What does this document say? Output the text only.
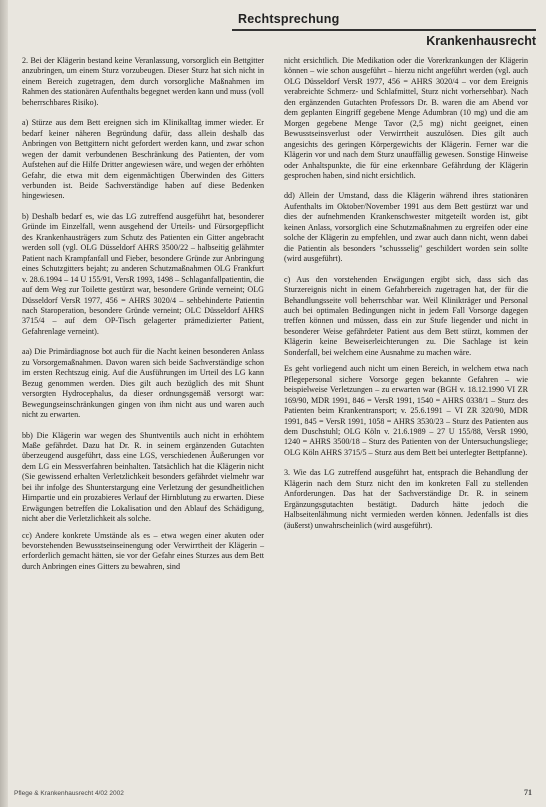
Rechtsprechung
Krankenhausrecht

2. Bei der Klägerin bestand keine Veranlassung, vorsorglich ein Bettgitter anzubringen, um einem Sturz vorzubeugen. Dieser Sturz hat sich nicht in einem Bereich zugetragen, dem durch vorsorgliche Maßnahmen im Rahmen des stationären Aufenthalts begegnet werden kann und muss (voll beherrschbares Risiko).

a) Stürze aus dem Bett ereignen sich im Klinikalltag immer wieder. Er bedarf keiner näheren Begründung dafür, dass allein deshalb das Anbringen von Bettgittern nicht gefordert werden kann, und zwar schon wegen der damit verbundenen Beschränkung des Patienten, der vom Aufstehen auf die Hilfe Dritter angewiesen wäre, und wegen der erhöhten Gefahr, die etwa mit dem eigenmächtigen Überwinden des Gitters verbunden ist. Beide Sachverständige haben auf diese Bedenken hingewiesen.

b) Deshalb bedarf es, wie das LG zutreffend ausgeführt hat, besonderer Gründe im Einzelfall, wenn ausgehend der Urteils- und Fürsorgepflicht des Krankenhausträgers zum Schutz des Patienten ein Gitter angebracht werden soll (vgl. OLG Düsseldorf AHRS 3500/22 – halbseitig gelähmter Patient nach Krampfanfall und Fieber, besondere Gründe zur Anbringung eines Schutzgitters bejaht; zu anderen Schutzmaßnahmen OLG Frankfurt v. 28.6.1994 – 14 U 155/91, VersR 1993, 1498 – Schlaganfallpatientin, die auf dem Weg zur Toilette gestürzt war, besondere Gründe verneint; OLG Düsseldorf VersR 1977, 456 = AHRS 3020/4 – sehbehinderte Patientin nach Staroperation, besondere Gründe verneint; OLC Düsseldorf AHRS 3715/4 – auf dem OP-Tisch gelagerter prämedizierter Patient, Gefahrenlage verneint).

aa) Die Primärdiagnose bot auch für die Nacht keinen besonderen Anlass zu Vorsorgemaßnahmen. Davon waren sich beide Sachverständige schon im ersten Rechtszug einig. Auf die Ausführungen im Urteil des LG kann Bezug genommen werden. Dies gilt auch bezüglich des mit Shunt versorgten Hydrocephalus, da dieser ordnungsgemäß versorgt war: Bewegungseinschränkungen gingen von ihm nicht aus und waren auch nicht zu erwarten.

bb) Die Klägerin war wegen des Shuntventils auch nicht in erhöhtem Maße gefährdet. Dazu hat Dr. R. in seinem ergänzenden Gutachten überzeugend ausgeführt, dass eine LGS, verschiedenen Äußerungen vor dem LG ein Messverfahren beinhalten. Tatsächlich hat die Klägerin nicht (Sie gewissend erhalten Verletzlichkeit besonders gefährdet vielmehr war bei ihr infolge des Shunterstargung eine Verletzung der gesundheitlichen Hirnpartie und ein prozabieres Verlauf der Hirnblutung zu erwarten. Diese Erwägungen betreffen die Lokalisation und den Ablauf des Schädigung, nicht aber die Verletzlichkeit als solche.

cc) Andere konkrete Umstände als es – etwa wegen einer akuten oder bevorstehenden Bewusstseinseinengung oder Verwirrtheit der Klägerin – erforderlich gemacht hätten, sie vor der Gefahr eines Sturzes aus dem Bett durch Anbringen eines Gitters zu bewahren, sind

nicht ersichtlich. Die Medikation oder die Vorerkrankungen der Klägerin können – wie schon ausgeführt – hierzu nicht angeführt werden (vgl. auch OLG Düsseldorf VersR 1977, 456 = AHRS 3020/4 – vor dem Ereignis verabreichte Schmerz- und Schlafmittel, Sturz nicht vorhersehbar). Nach den ergänzenden Gutachten Professors Dr. B. waren die am Abend vor dem geplanten Eingriff gegebene Menge Adumbran (10 mg) und die am Morgen gegebene Menge Tavor (2,5 mg) nicht geeignet, einen Bewusstseinsverlust oder Verwirrtheit auszulösen. Dies gilt auch angesichts des geringen Körpergewichts der Klägerin. Ferner war die Klägerin vor und nach dem Sturz unauffällig gewesen. Sonstige Hinweise oder Anhaltspunkte, die für eine erkennbare Gefährdung der Klägerin gesprochen haben, sind nicht ersichtlich.

dd) Allein der Umstand, dass die Klägerin während ihres stationären Aufenthalts im Oktober/November 1991 aus dem Bett gestürzt war und dies der aufnehmenden Krankenschwester mitgeteilt worden ist, gibt keinen Anlass, vorsorglich eine Schutzmaßnahmen zu ergreifen oder eine solche der Klägerin zu empfehlen, und zwar auch dann nicht, wenn dabei die Patientin als besonders "schussselig" geschildert worden sein sollte (wird ausgeführt).

c) Aus den vorstehenden Erwägungen ergibt sich, dass sich das Sturzereignis nicht in einem Gefahrbereich zugetragen hat, der für die Behandlungsseite voll beherrschbar war. Weil Klinikträger und Personal auch bei optimalen Bedingungen nicht in jedem Fall Vorsorge dagegen treffen können und müssen, dass ein zur Stufe liegender und nicht in besonderer Weise gefährdeter Patient aus dem Bett stürzt, kommen der Klägerin keine Beweiserleichterungen zu. Die Sachlage ist kein Sonderfall, bei welchem eine Ausnahme zu machen wäre.

Es geht vorliegend auch nicht um einen Bereich, in welchem etwa nach Pflegepersonal sichere Vorsorge gegen bekannte Gefahren – wie beispielweise Verletzungen – zu erwarten war (BGH v. 18.12.1990 VI ZR 169/90, MDR 1991, 846 = VersR 1991, 1540 = AHRS 0338/1 – Sturz des Patienten beim Krankentransport; v. 25.6.1991 – VI ZR 320/90, MDR 1991, 845 = VersR 1991, 1058 = AHRS 3530/23 – Sturz des Patienten aus dem Duschstuhl; OLG Köln v. 21.6.1989 – 27 U 155/88, VersR 1990, 1240 = AHRS 3500/18 – Sturz des Patienten von der Untersuchungsliege; OLG Köln AHRS 3715/5 – Sturz aus dem Bett bei unterlegter Bettpfanne).

3. Wie das LG zutreffend ausgeführt hat, entsprach die Behandlung der Klägerin nach dem Sturz nicht den im konkreten Fall zu stellenden Anforderungen. Das hat der Sachverständige Dr. R. in seinem Ergänzungsgutachten bestätigt. Dadurch hätte jedoch die Halbseitenlähmung nicht vermieden werden können. Jedenfalls ist dies (äußerst) unwahrscheinlich (wird ausgeführt).

Pflege & Krankenhausrecht 4/02 2002	71
